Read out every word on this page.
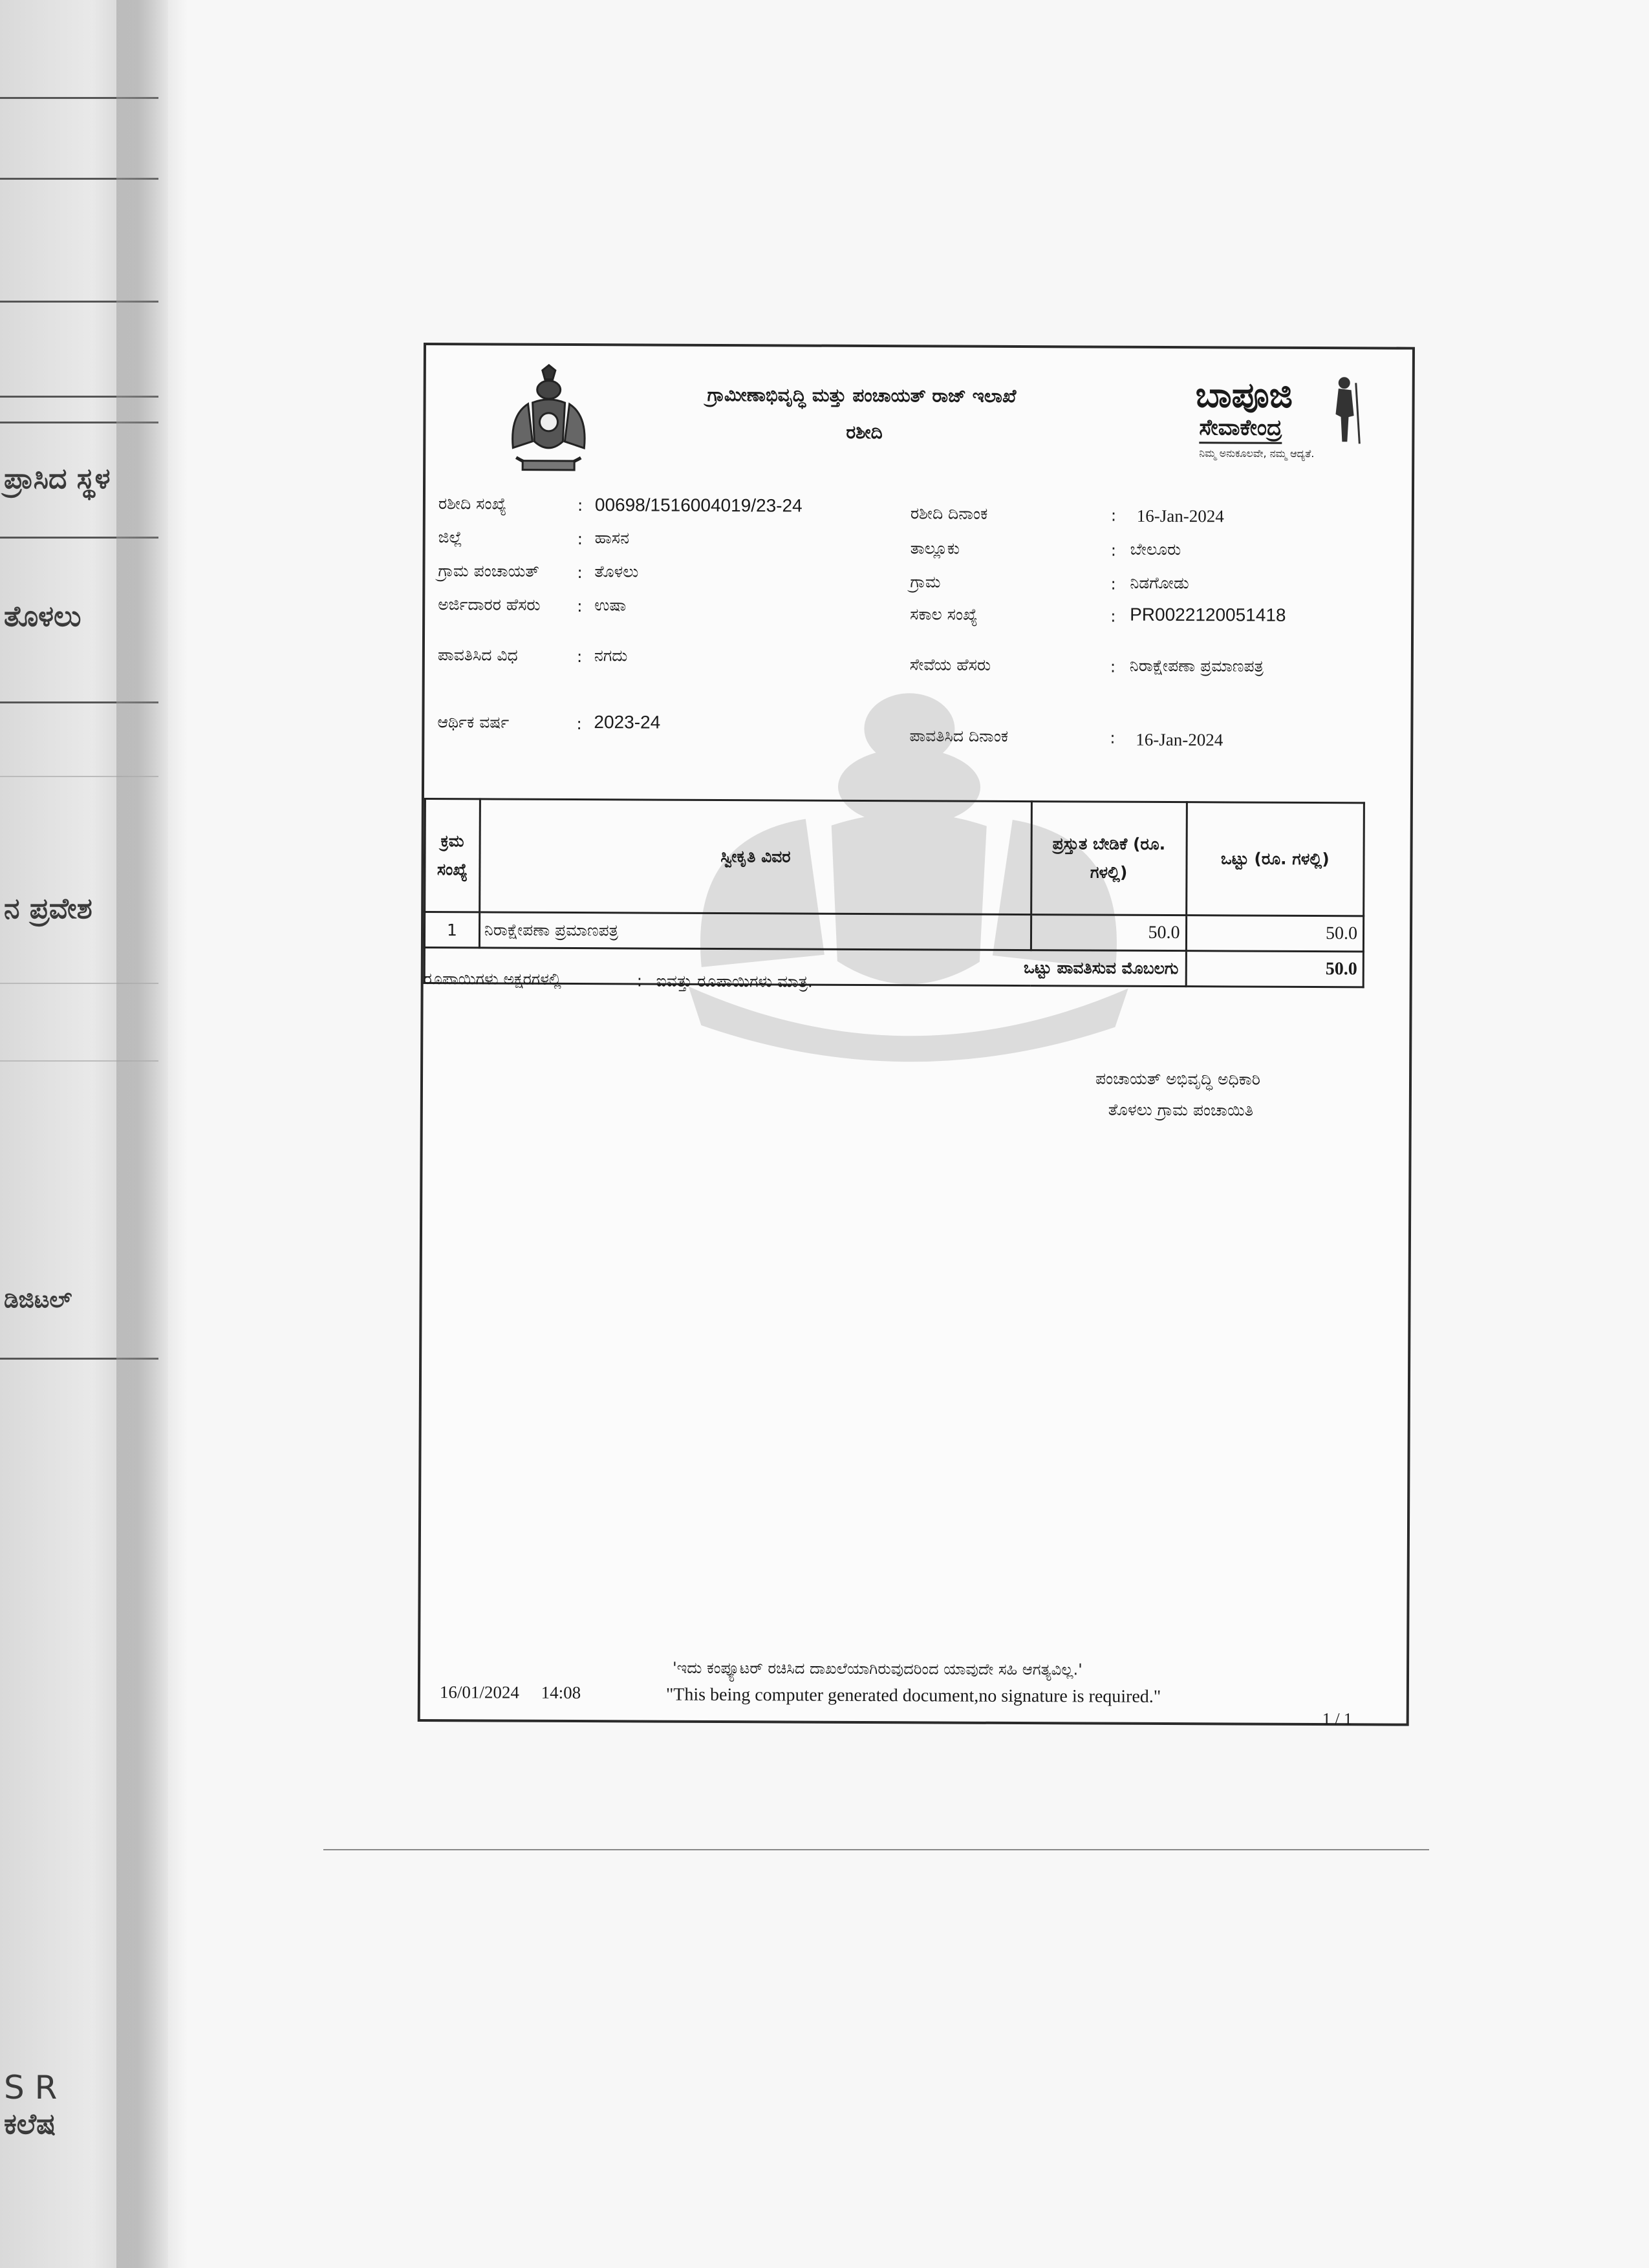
ಪ್ರಾಸಿದ ಸ್ಥಳ
ತೊಳಲು
ನ ಪ್ರವೇಶ
ಡಿಜಿಟಲ್
S R
ಕಲೆಷ
ಗ್ರಾಮೀಣಾಭಿವೃದ್ಧಿ ಮತ್ತು ಪಂಚಾಯತ್ ರಾಜ್ ಇಲಾಖೆ
ರಶೀದಿ
ಬಾಪೂಜಿ
ಸೇವಾಕೇಂದ್ರ
ನಿಮ್ಮ ಅನುಕೂಲವೇ, ನಮ್ಮ ಆದ್ಯತೆ.
ರಶೀದಿ ಸಂಖ್ಯೆ	: 00698/1516004019/23-24
ಜಿಲ್ಲೆ	: ಹಾಸನ
ಗ್ರಾಮ ಪಂಚಾಯತ್ : ತೊಳಲು
ಅರ್ಜಿದಾರರ ಹೆಸರು : ಉಷಾ
ಪಾವತಿಸಿದ ವಿಧ	: ನಗದು
ಆರ್ಥಿಕ ವರ್ಷ	: 2023-24
ರಶೀದಿ ದಿನಾಂಕ	: 16-Jan-2024
ತಾಲ್ಲೂಕು	: ಬೇಲೂರು
ಗ್ರಾಮ	: ನಿಡಗೋಡು
ಸಕಾಲ ಸಂಖ್ಯೆ	: PR0022120051418
ಸೇವೆಯ ಹೆಸರು	: ನಿರಾಕ್ಷೇಪಣಾ ಪ್ರಮಾಣಪತ್ರ
ಪಾವತಿಸಿದ ದಿನಾಂಕ	: 16-Jan-2024
ಕ್ರಮ ಸಂಖ್ಯೆ	ಸ್ವೀಕೃತಿ ವಿವರ	ಪ್ರಸ್ತುತ ಬೇಡಿಕೆ (ರೂ. ಗಳಲ್ಲಿ)	ಒಟ್ಟು (ರೂ. ಗಳಲ್ಲಿ)
1	ನಿರಾಕ್ಷೇಪಣಾ ಪ್ರಮಾಣಪತ್ರ	50.0	50.0
ಒಟ್ಟು ಪಾವತಿಸುವ ಮೊಬಲಗು			50.0
ರೂಪಾಯಿಗಳು ಅಕ್ಷರಗಳಲ್ಲಿ	: ಐವತ್ತು ರೂಪಾಯಿಗಳು ಮಾತ್ರ.
ಪಂಚಾಯತ್ ಅಭಿವೃದ್ಧಿ ಅಧಿಕಾರಿ
ತೊಳಲು ಗ್ರಾಮ ಪಂಚಾಯಿತಿ
'ಇದು ಕಂಪ್ಯೂಟರ್ ರಚಿಸಿದ ದಾಖಲೆಯಾಗಿರುವುದರಿಂದ ಯಾವುದೇ ಸಹಿ ಆಗತ್ಯವಿಲ್ಲ.'
"This being computer generated document,no signature is required."
16/01/2024     14:08
1 / 1
